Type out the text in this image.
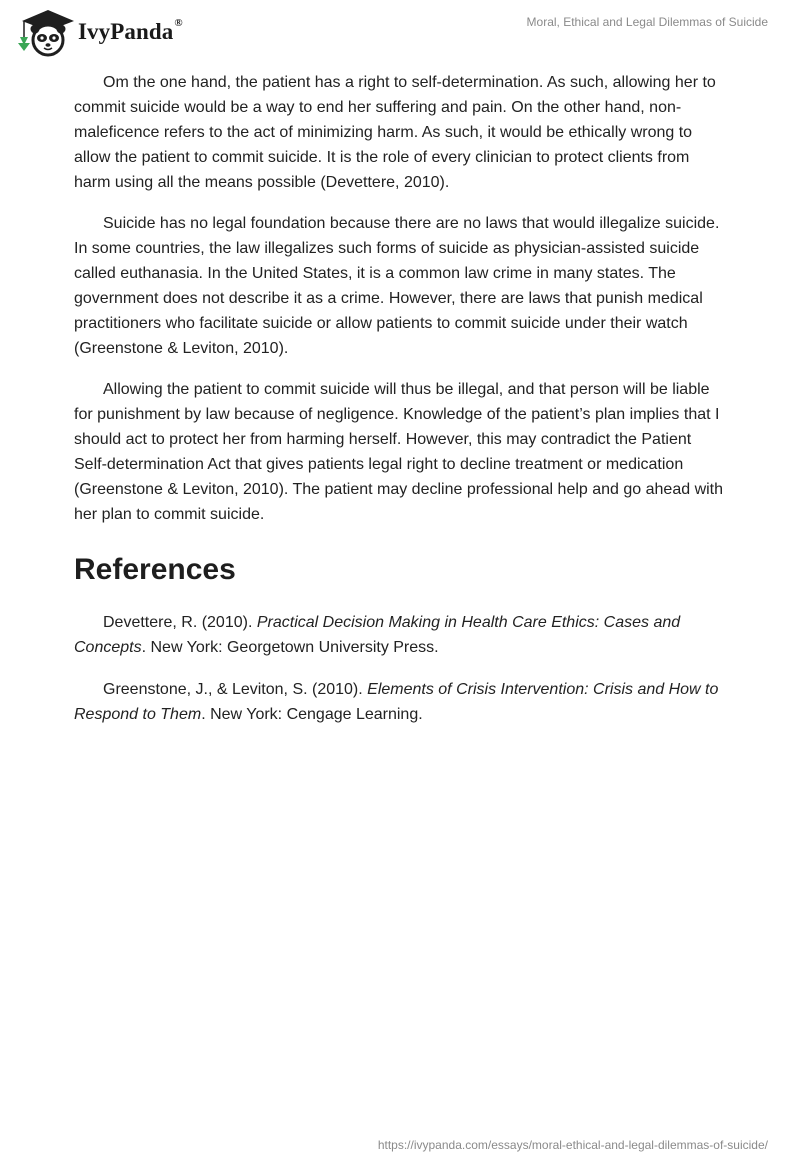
IvyPanda®	Moral, Ethical and Legal Dilemmas of Suicide

Om the one hand, the patient has a right to self-determination. As such, allowing her to commit suicide would be a way to end her suffering and pain. On the other hand, non-maleficence refers to the act of minimizing harm. As such, it would be ethically wrong to allow the patient to commit suicide. It is the role of every clinician to protect clients from harm using all the means possible (Devettere, 2010).

Suicide has no legal foundation because there are no laws that would illegalize suicide. In some countries, the law illegalizes such forms of suicide as physician-assisted suicide called euthanasia. In the United States, it is a common law crime in many states. The government does not describe it as a crime. However, there are laws that punish medical practitioners who facilitate suicide or allow patients to commit suicide under their watch (Greenstone & Leviton, 2010).

Allowing the patient to commit suicide will thus be illegal, and that person will be liable for punishment by law because of negligence. Knowledge of the patient’s plan implies that I should act to protect her from harming herself. However, this may contradict the Patient Self-determination Act that gives patients legal right to decline treatment or medication (Greenstone & Leviton, 2010). The patient may decline professional help and go ahead with her plan to commit suicide.

References

Devettere, R. (2010). Practical Decision Making in Health Care Ethics: Cases and Concepts. New York: Georgetown University Press.

Greenstone, J., & Leviton, S. (2010). Elements of Crisis Intervention: Crisis and How to Respond to Them. New York: Cengage Learning.

https://ivypanda.com/essays/moral-ethical-and-legal-dilemmas-of-suicide/
